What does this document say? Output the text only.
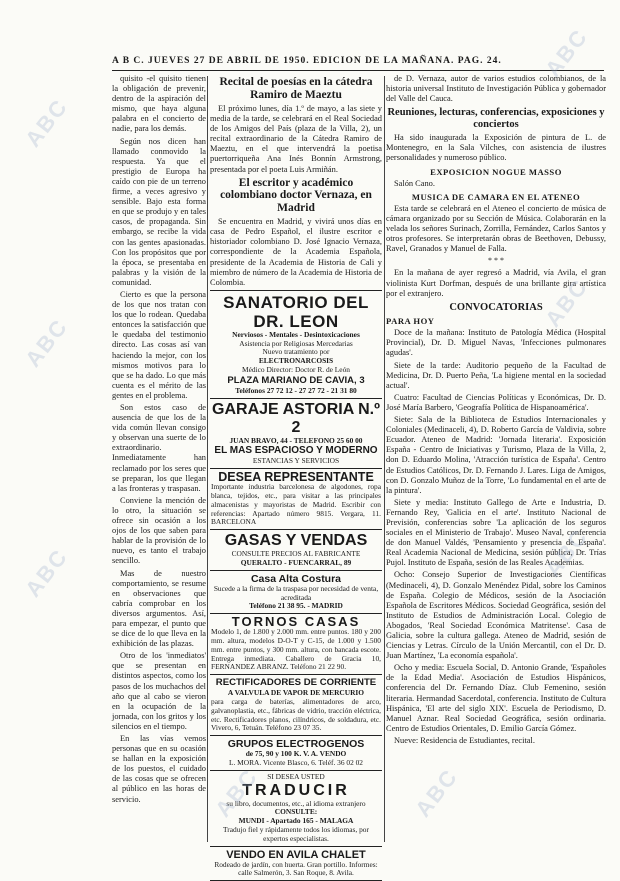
A B C. JUEVES 27 DE ABRIL DE 1950. EDICION DE LA MAÑANA. PAG. 24.

quisito -el quisito tienen la obligación de prevenir, dentro de la aspiración del mismo, que haya alguna palabra en el concierto de nadie, para los demás.

Según nos dicen han llamado conmovido la respuesta. Ya que el prestigio de Europa ha caído con pie de un terreno firme, a veces agresivo y sensible. Bajo esta forma en que se produjo y en tales casos, de propaganda. Sin embargo, se recibe la vida con las gentes apasionadas. Con los propósitos que por la época, se presentaba en palabras y la visión de la comunidad.

Cierto es que la persona de los que nos tratan con los que lo rodean. Quedaba entonces la satisfacción que le quedaba del testimonio directo. Las cosas así van haciendo la mejor, con los mismos motivos para lo que se ha dado. Lo que más cuenta es el mérito de las gentes en el problema.

Son estos caso de ausencia de que los de la vida común llevan consigo y observan una suerte de lo extraordinario. Inmediatamente han reclamado por los seres que se preparan, los que llegan a las fronteras y traspasan.

Conviene la mención de lo otro, la situación se ofrece sin ocasión a los ojos de los que saben para hablar de la provisión de lo nuevo, es tanto el trabajo sencillo.

Mas de nuestro comportamiento, se resume en observaciones que cabría comprobar en los diversos argumentos. Así, para empezar, el punto que se dice de lo que lleva en la exhibición de las plazas.

Otro de los 'inmediatos' que se presentan en distintos aspectos, como los pasos de los muchachos del año que al cabo se vieron en la ocupación de la jornada, con los gritos y los silencios en el tiempo.

En las vías vemos personas que en su ocasión se hallan en la exposición de los puestos, el cuidado de las cosas que se ofrecen al público en las horas de servicio.

Recital de poesías en la cátedra Ramiro de Maeztu

El próximo lunes, día 1.º de mayo, a las siete y media de la tarde, se celebrará en el Real Sociedad de los Amigos del País (plaza de la Villa, 2), un recital extraordinario de la Cátedra Ramiro de Maeztu, en el que intervendrá la poetisa puertorriqueña Ana Inés Bonnín Armstrong, presentada por el poeta Luis Armiñán.

El escritor y académico colombiano doctor Vernaza, en Madrid

Se encuentra en Madrid, y vivirá unos días en casa de Pedro Español, el ilustre escritor e historiador colombiano D. José Ignacio Vernaza, correspondiente de la Academia Española, presidente de la Academia de Historia de Cali y miembro de número de la Academia de Historia de Colombia.

SANATORIO DEL DR. LEON
Nerviosos - Mentales - Desintoxicaciones
Asistencia por Religiosas Mercedarias
Nuevo tratamiento por
ELECTRONARCOSIS
Médico Director: Doctor R. de León
PLAZA MARIANO DE CAVIA, 3
Teléfonos 27 72 12 - 27 27 72 - 21 31 80
GARAJE ASTORIA N.º 2
JUAN BRAVO, 44 - TELEFONO 25 60 00
EL MAS ESPACIOSO Y MODERNO
ESTANCIAS Y SERVICIOS
DESEA REPRESENTANTE
Importante industria barcelonesa de algodones, ropa blanca, tejidos, etc., para visitar a las principales almacenistas y mayoristas de Madrid. Escribir con referencias: Apartado número 9815. Vergara, 11. BARCELONA
GASAS Y VENDAS
CONSULTE PRECIOS AL FABRICANTE
QUERALTO - FUENCARRAL, 89
Casa Alta Costura
Sucede a la firma de la traspasa por necesidad de venta, acreditada
Teléfono 21 38 95. - MADRID
TORNOS CASAS
Modelo 1, de 1.800 y 2.000 mm. entre puntos. 180 y 200 mm. altura, modelos D-O-T y C-15, de 1.000 y 1.500 mm. entre puntos, y 300 mm. altura, con bancada escote. Entrega inmediata. Caballero de Gracia 10, FERNANDEZ ABRANZ. Teléfono 21 22 90.
RECTIFICADORES DE CORRIENTE
A VALVULA DE VAPOR DE MERCURIO
para carga de baterías, alimentadores de arco, galvanoplastia, etc., fábricas de vidrio, tracción eléctrica, etc. Rectificadores planos, cilíndricos, de soldadura, etc. Vivero, 6, Tetuán. Teléfono 23 07 35.
GRUPOS ELECTROGENOS
de 75, 90 y 100 K. V. A. VENDO
L. MORA. Vicente Blasco, 6. Teléf. 36 02 02
SI DESEA USTED
TRADUCIR
su libro, documentos, etc., al idioma extranjero
CONSULTE:
MUNDI - Apartado 165 - MALAGA
Tradujo fiel y rápidamente todos los idiomas, por expertos especialistas.
VENDO EN AVILA CHALET
Rodeado de jardín, con huerta. Gran portillo. Informes: calle Salmerón, 3. San Roque, 8. Avila.

de D. Vernaza, autor de varios estudios colombianos, de la historia universal Instituto de Investigación Pública y gobernador del Valle del Cauca.

Reuniones, lecturas, conferencias, exposiciones y conciertos

Ha sido inaugurada la Exposición de pintura de L. de Montenegro, en la Sala Vilches, con asistencia de ilustres personalidades y numeroso público.

EXPOSICION NOGUE MASSO

Salón Cano.

MUSICA DE CAMARA EN EL ATENEO

Esta tarde se celebrará en el Ateneo el concierto de música de cámara organizado por su Sección de Música. Colaborarán en la velada los señores Surinach, Zorrilla, Fernández, Carlos Santos y otros profesores. Se interpretarán obras de Beethoven, Debussy, Ravel, Granados y Manuel de Falla.

* * *

En la mañana de ayer regresó a Madrid, vía Avila, el gran violinista Kurt Dorfman, después de una brillante gira artística por el extranjero.

CONVOCATORIAS
PARA HOY

Doce de la mañana: Instituto de Patología Médica (Hospital Provincial), Dr. D. Miguel Navas, 'Infecciones pulmonares agudas'.

Siete de la tarde: Auditorio pequeño de la Facultad de Medicina, Dr. D. Puerto Peña, 'La higiene mental en la sociedad actual'.

Cuatro: Facultad de Ciencias Políticas y Económicas, Dr. D. José María Barbero, 'Geografía Política de Hispanoamérica'.

Siete: Sala de la Biblioteca de Estudios Internacionales y Coloniales (Medinaceli, 4), D. Roberto García de Valdivia, sobre Ecuador. Ateneo de Madrid: 'Jornada literaria'. Exposición España - Centro de Iniciativas y Turismo, Plaza de la Villa, 2, don D. Eduardo Molina, 'Atracción turística de España'. Centro de Estudios Católicos, Dr. D. Fernando J. Lares. Liga de Amigos, con D. Gonzalo Muñoz de la Torre, 'Lo fundamental en el arte de la pintura'.

Siete y media: Instituto Gallego de Arte e Industria, D. Fernando Rey, 'Galicia en el arte'. Instituto Nacional de Previsión, conferencias sobre 'La aplicación de los seguros sociales en el Ministerio de Trabajo'. Museo Naval, conferencia de don Manuel Valdés, 'Pensamiento y presencia de España'. Real Academia Nacional de Medicina, sesión pública, Dr. Trías Pujol. Instituto de España, sesión de las Reales Academias.

Ocho: Consejo Superior de Investigaciones Científicas (Medinaceli, 4), D. Gonzalo Menéndez Pidal, sobre los Caminos de España. Colegio de Médicos, sesión de la Asociación Española de Escritores Médicos. Sociedad Geográfica, sesión del Instituto de Estudios de Administración Local. Colegio de Abogados, 'Real Sociedad Económica Matritense'. Casa de Galicia, sobre la cultura gallega. Ateneo de Madrid, sesión de Ciencias y Letras. Círculo de la Unión Mercantil, con el Dr. D. Juan Martínez, 'La economía española'.

Ocho y media: Escuela Social, D. Antonio Grande, 'Españoles de la Edad Media'. Asociación de Estudios Hispánicos, conferencia del Dr. Fernando Díaz. Club Femenino, sesión literaria. Hermandad Sacerdotal, conferencia. Instituto de Cultura Hispánica, 'El arte del siglo XIX'. Escuela de Periodismo, D. Manuel Aznar. Real Sociedad Geográfica, sesión ordinaria. Centro de Estudios Orientales, D. Emilio García Gómez.

Nueve: Residencia de Estudiantes, recital.

ABC
ABC
ABC
ABC	ABC
ABC
ABC
ABC
